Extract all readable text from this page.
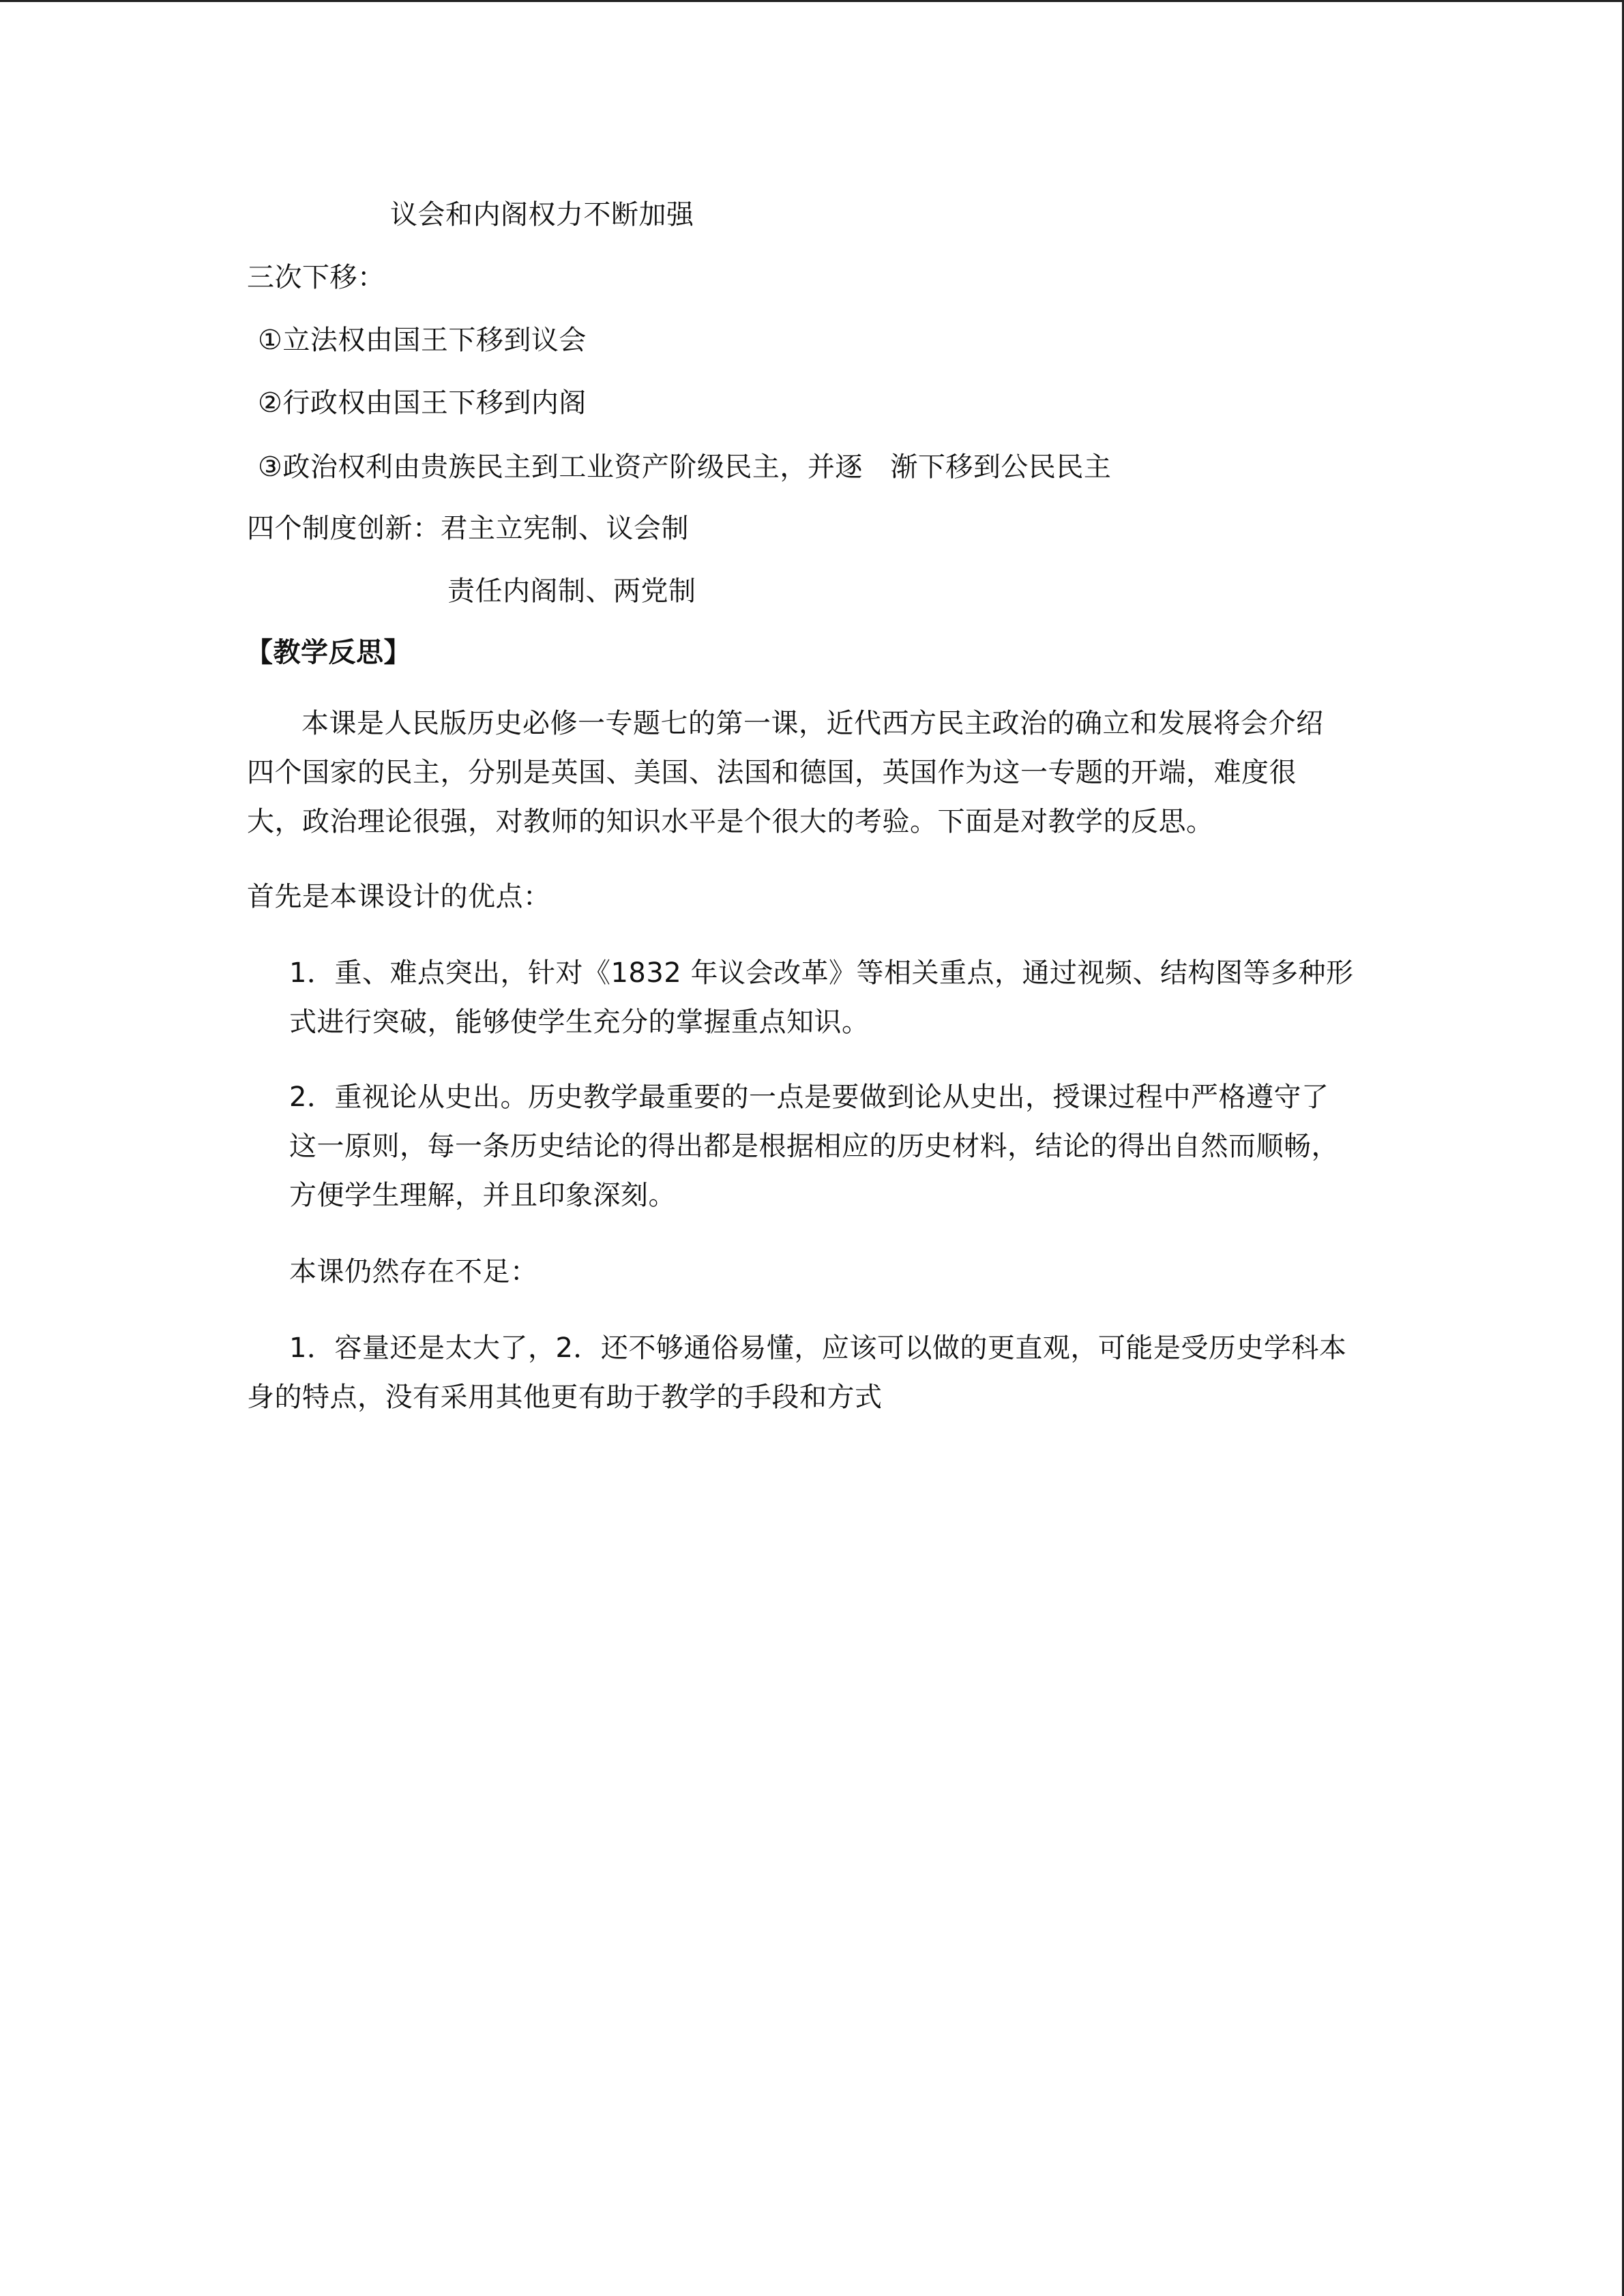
议会和内阁权力不断加强
三次下移：
①立法权由国王下移到议会
②行政权由国王下移到内阁
③政治权利由贵族民主到工业资产阶级民主，并逐　渐下移到公民民主
四个制度创新：君主立宪制、议会制
责任内阁制、两党制
【教学反思】
本课是人民版历史必修一专题七的第一课，近代西方民主政治的确立和发展将会介绍
四个国家的民主，分别是英国、美国、法国和德国，英国作为这一专题的开端，难度很
大，政治理论很强，对教师的知识水平是个很大的考验。下面是对教学的反思。
首先是本课设计的优点：
1．重、难点突出，针对《1832 年议会改革》等相关重点，通过视频、结构图等多种形
式进行突破，能够使学生充分的掌握重点知识。
2．重视论从史出。历史教学最重要的一点是要做到论从史出，授课过程中严格遵守了
这一原则，每一条历史结论的得出都是根据相应的历史材料，结论的得出自然而顺畅，
方便学生理解，并且印象深刻。
本课仍然存在不足：
1．容量还是太大了，2．还不够通俗易懂，应该可以做的更直观，可能是受历史学科本
身的特点，没有采用其他更有助于教学的手段和方式
